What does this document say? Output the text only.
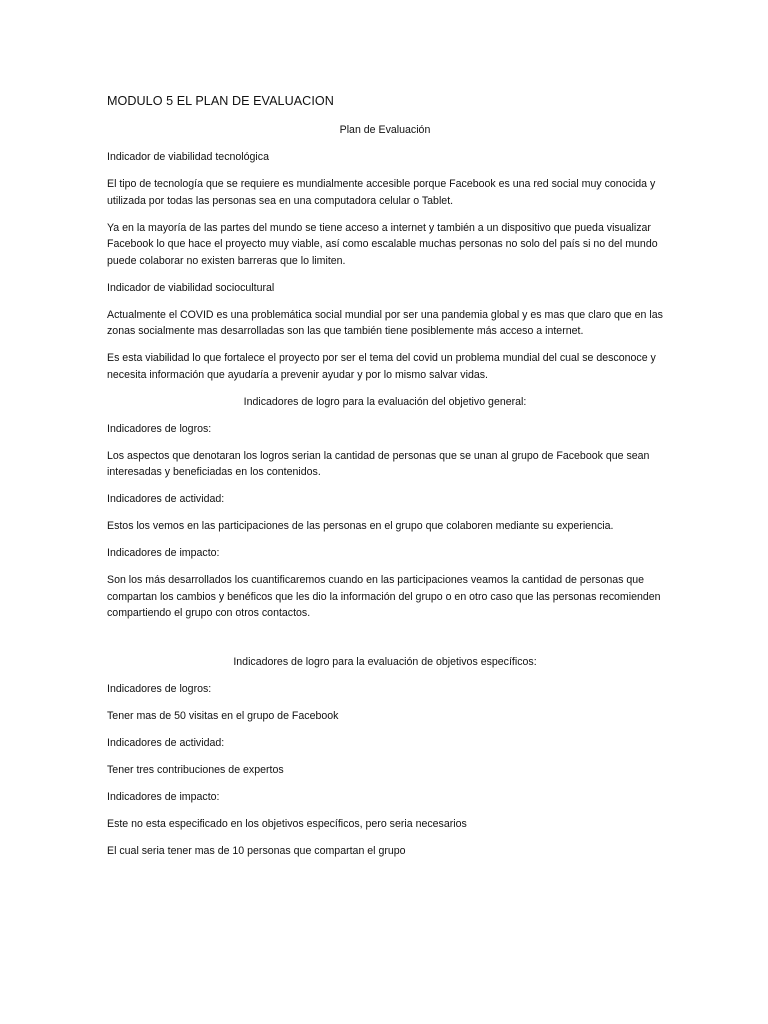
MODULO 5 EL PLAN DE EVALUACION
Plan de Evaluación
Indicador de viabilidad tecnológica
El tipo de tecnología que se requiere es mundialmente accesible porque Facebook es una red social muy conocida y utilizada por todas las personas sea en una computadora celular o Tablet.
Ya en la mayoría de las partes del mundo se tiene acceso a internet y también a un dispositivo que pueda visualizar Facebook lo que hace el proyecto muy viable, así como escalable muchas personas no solo del país si no del mundo puede colaborar no existen barreras que lo limiten.
Indicador de viabilidad sociocultural
Actualmente el COVID es una problemática social mundial por ser una pandemia global y es mas que claro que en las zonas socialmente mas desarrolladas son las que también tiene posiblemente más acceso a internet.
Es esta viabilidad lo que fortalece el proyecto por ser el tema del covid un problema mundial del cual se desconoce y necesita información que ayudaría a prevenir ayudar y por lo mismo salvar vidas.
Indicadores de logro para la evaluación del objetivo general:
Indicadores de logros:
Los aspectos que denotaran los logros serian la cantidad de personas que se unan al grupo de Facebook que sean interesadas y beneficiadas en los contenidos.
Indicadores de actividad:
Estos los vemos en las participaciones de las personas en el grupo que colaboren mediante su experiencia.
Indicadores de impacto:
Son los más desarrollados los cuantificaremos cuando en las participaciones veamos la cantidad de personas que compartan los cambios y benéficos que les dio la información del grupo o en otro caso que las personas recomienden compartiendo el grupo con otros contactos.
Indicadores de logro para la evaluación de objetivos específicos:
Indicadores de logros:
Tener mas de 50 visitas en el grupo de Facebook
Indicadores de actividad:
Tener tres contribuciones de expertos
Indicadores de impacto:
Este no esta especificado en los objetivos específicos, pero seria necesarios
El cual seria tener mas de 10 personas que compartan el grupo
